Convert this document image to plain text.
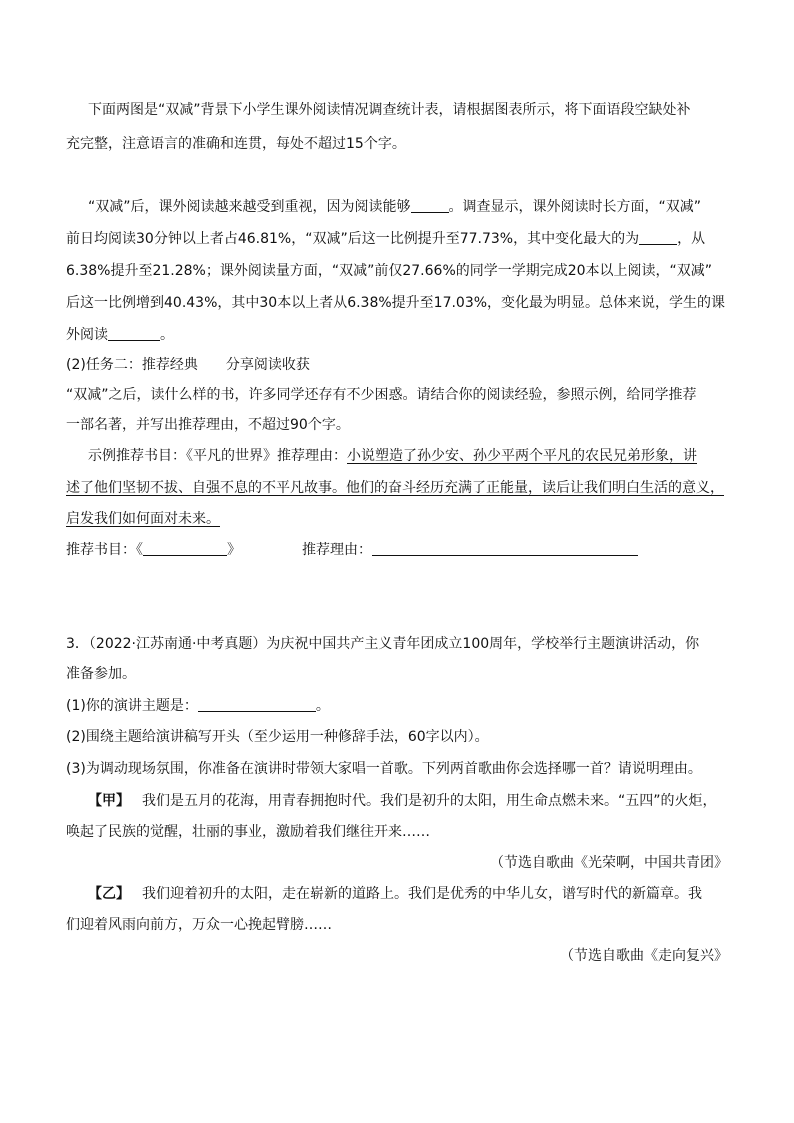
下面两图是“双减”背景下小学生课外阅读情况调查统计表，请根据图表所示，将下面语段空缺处补
充完整，注意语言的准确和连贯，每处不超过15个字。
“双减”后，课外阅读越来越受到重视，因为阅读能够	。调查显示，课外阅读时长方面，“双减”
前日均阅读30分钟以上者占46.81%，“双减”后这一比例提升至77.73%，其中变化最大的为	，从
6.38%提升至21.28%；课外阅读量方面，“双减”前仅27.66%的同学一学期完成20本以上阅读，“双减”
后这一比例增到40.43%，其中30本以上者从6.38%提升至17.03%，变化最为明显。总体来说，学生的课
外阅读	。
(2)任务二：推荐经典　　分享阅读收获
“双减”之后，读什么样的书，许多同学还存有不少困惑。请结合你的阅读经验，参照示例，给同学推荐
一部名著，并写出推荐理由，不超过90个字。
示例推荐书目：《平凡的世界》推荐理由：小说塑造了孙少安、孙少平两个平凡的农民兄弟形象，讲
述了他们坚韧不拔、自强不息的不平凡故事。他们的奋斗经历充满了正能量，读后让我们明白生活的意义，
启发我们如何面对未来。
推荐书目：《	》	推荐理由：
3．（2022·江苏南通·中考真题）为庆祝中国共产主义青年团成立100周年，学校举行主题演讲活动，你
准备参加。
(1)你的演讲主题是：	。
(2)围绕主题给演讲稿写开头（至少运用一种修辞手法，60字以内）。
(3)为调动现场氛围，你准备在演讲时带领大家唱一首歌。下列两首歌曲你会选择哪一首？请说明理由。
【甲】 我们是五月的花海，用青春拥抱时代。我们是初升的太阳，用生命点燃未来。“五四”的火炬，
唤起了民族的觉醒，壮丽的事业，激励着我们继往开来……
（节选自歌曲《光荣啊，中国共青团》
【乙】 我们迎着初升的太阳，走在崭新的道路上。我们是优秀的中华儿女，谱写时代的新篇章。我
们迎着风雨向前方，万众一心挽起臂膀……
（节选自歌曲《走向复兴》
